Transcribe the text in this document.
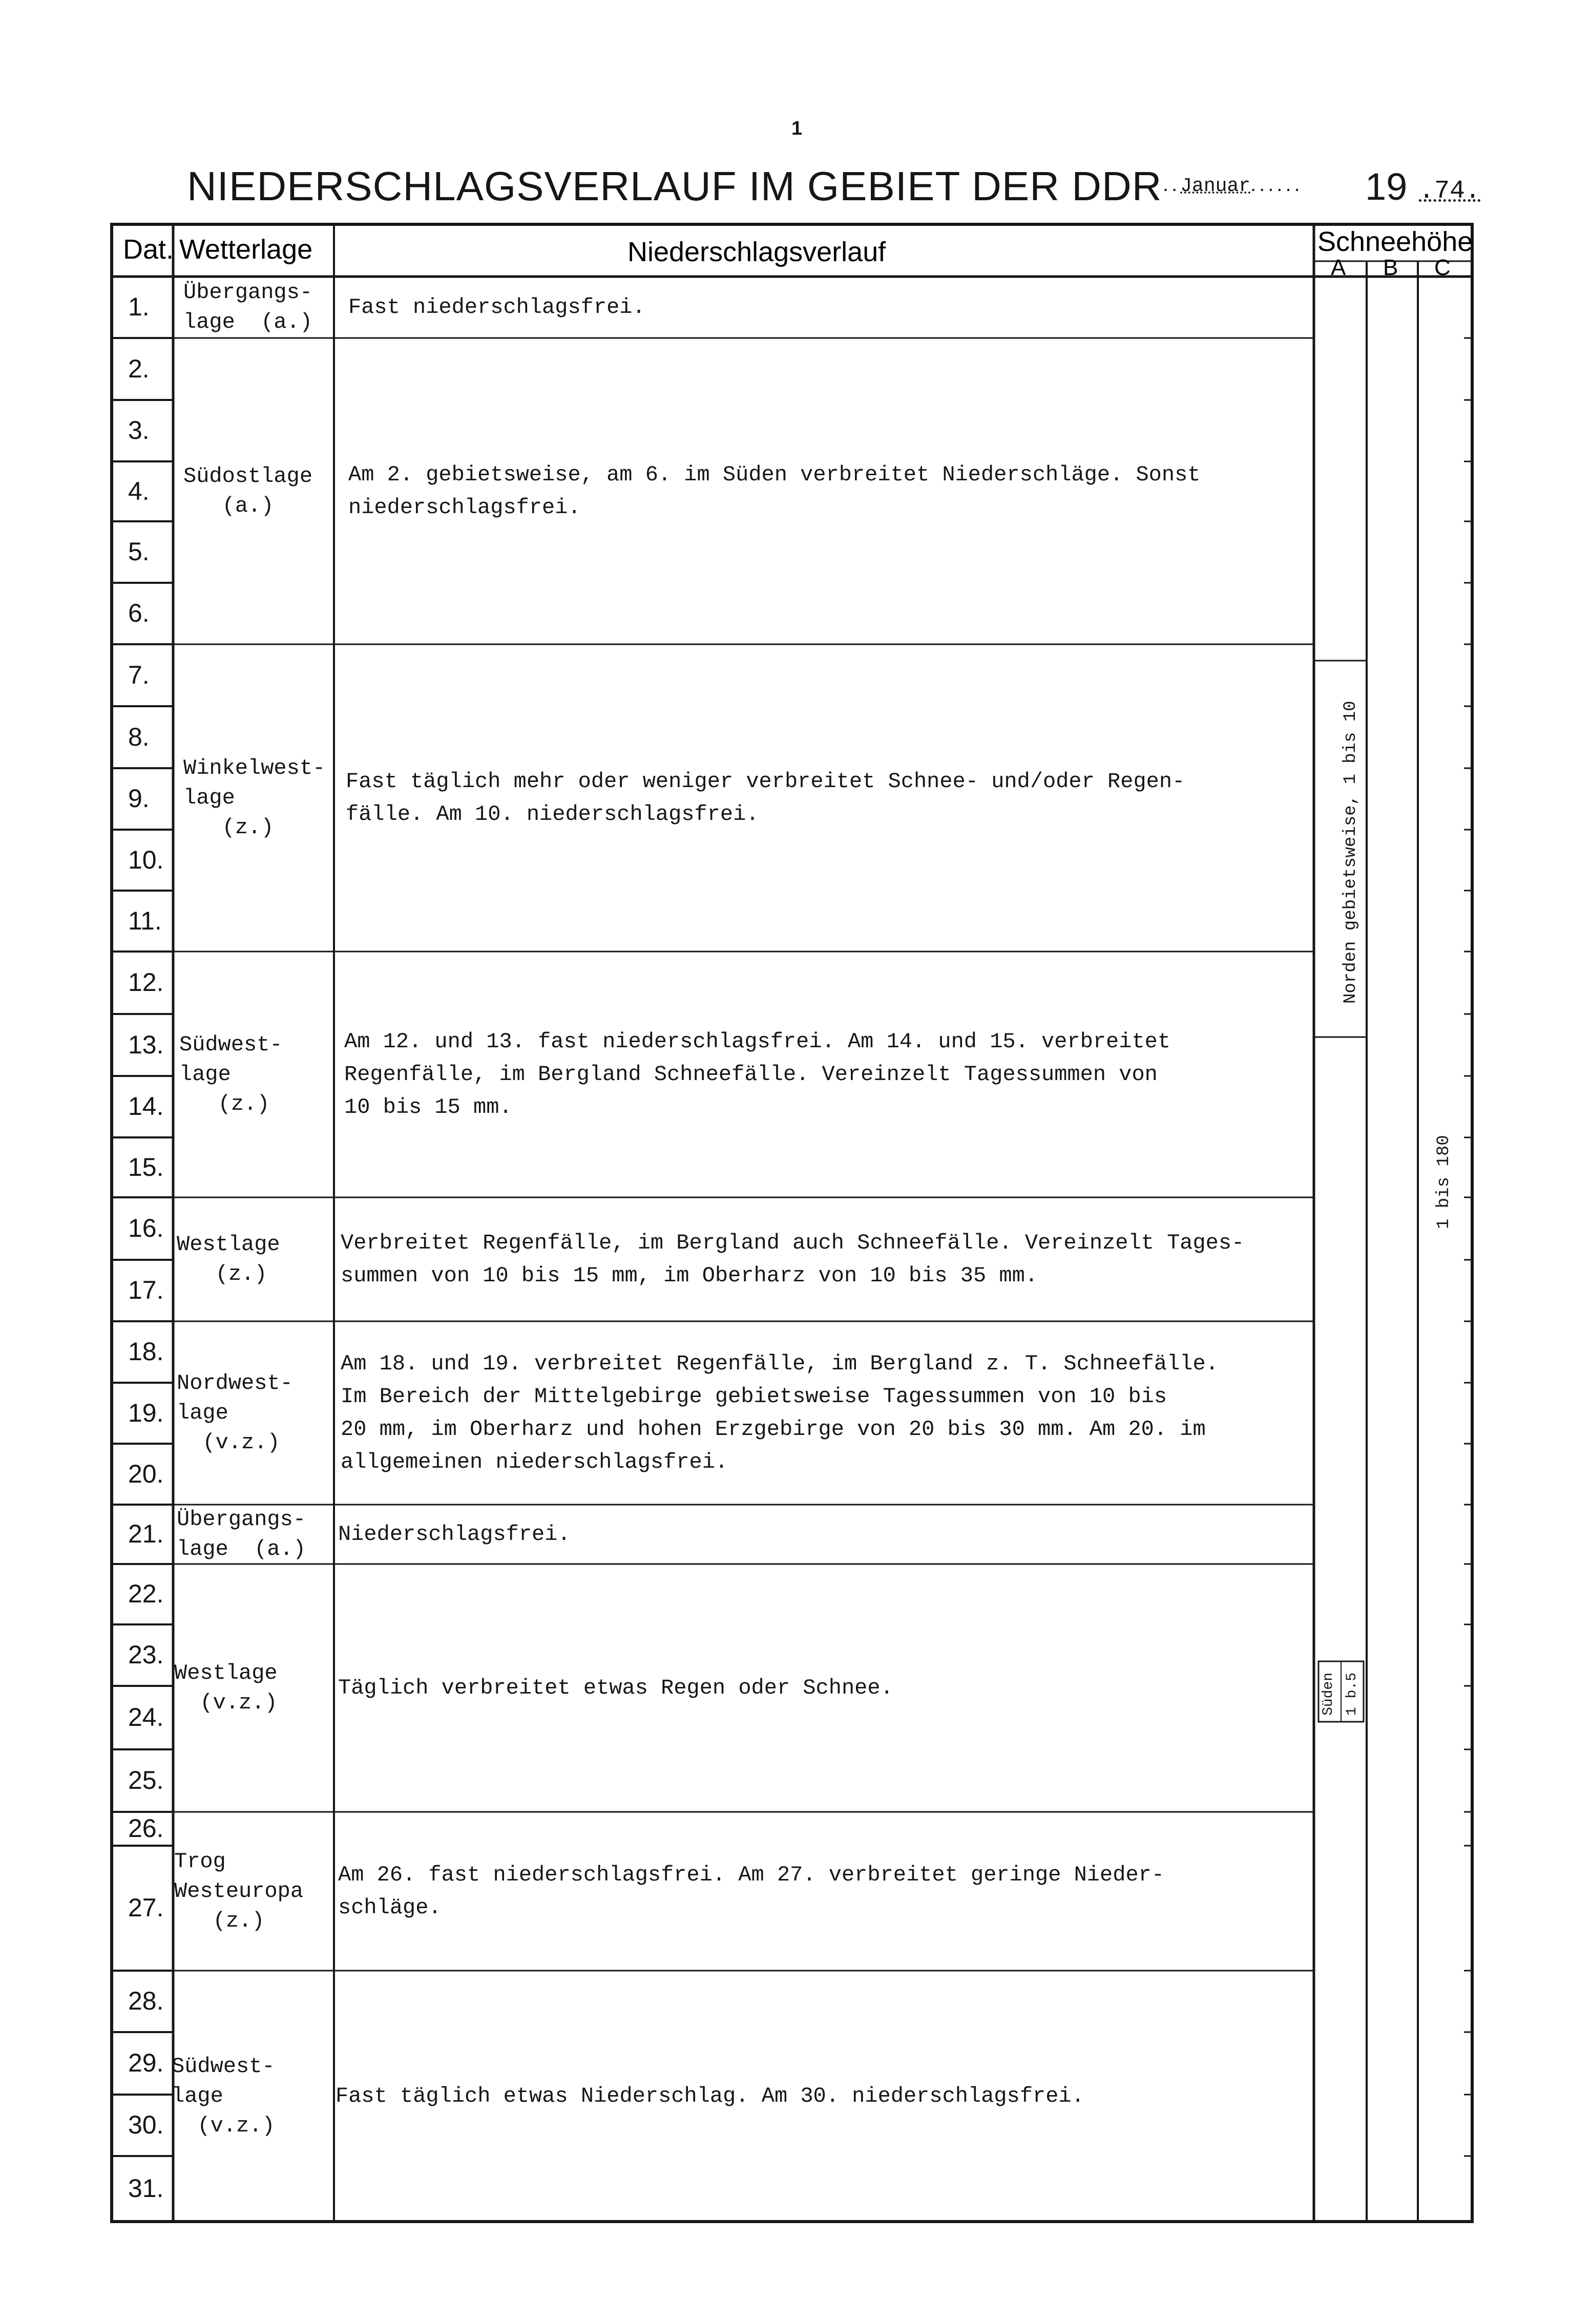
1
NIEDERSCHLAGSVERLAUF IM GEBIET DER DDR ..Januar...... 19 .74.
Dat. Wetterlage	Niederschlagsverlauf	Schneehöhe
A B C
1.
2.
3.
4.
5.
6.
7.
8.
9.
10.
11.
12.
13.
14.
15.
16.
17.
18.
19.
20.
21.
22.
23.
24.
25.
26.
27.
28.
29.
30.
31.
Übergangs-
lage  (a.)
Fast niederschlagsfrei.
Südostlage
(a.)
Am 2. gebietsweise, am 6. im Süden verbreitet Niederschläge. Sonst
niederschlagsfrei.
Winkelwest-
lage
(z.)
Fast täglich mehr oder weniger verbreitet Schnee- und/oder Regen-
fälle. Am 10. niederschlagsfrei.
Südwest-
lage
(z.)
Am 12. und 13. fast niederschlagsfrei. Am 14. und 15. verbreitet
Regenfälle, im Bergland Schneefälle. Vereinzelt Tagessummen von
10 bis 15 mm.
Westlage
(z.)
Verbreitet Regenfälle, im Bergland auch Schneefälle. Vereinzelt Tages-
summen von 10 bis 15 mm, im Oberharz von 10 bis 35 mm.
Nordwest-
lage
(v.z.)
Am 18. und 19. verbreitet Regenfälle, im Bergland z. T. Schneefälle.
Im Bereich der Mittelgebirge gebietsweise Tagessummen von 10 bis
20 mm, im Oberharz und hohen Erzgebirge von 20 bis 30 mm. Am 20. im
allgemeinen niederschlagsfrei.
Übergangs-
lage  (a.)
Niederschlagsfrei.
Westlage
(v.z.)
Täglich verbreitet etwas Regen oder Schnee.
Trog
Westeuropa
(z.)
Am 26. fast niederschlagsfrei. Am 27. verbreitet geringe Nieder-
schläge.
Südwest-
lage
(v.z.)
Fast täglich etwas Niederschlag. Am 30. niederschlagsfrei.
Norden gebietsweise, 1 bis 10
Süden 1 b.5
1 bis 180
